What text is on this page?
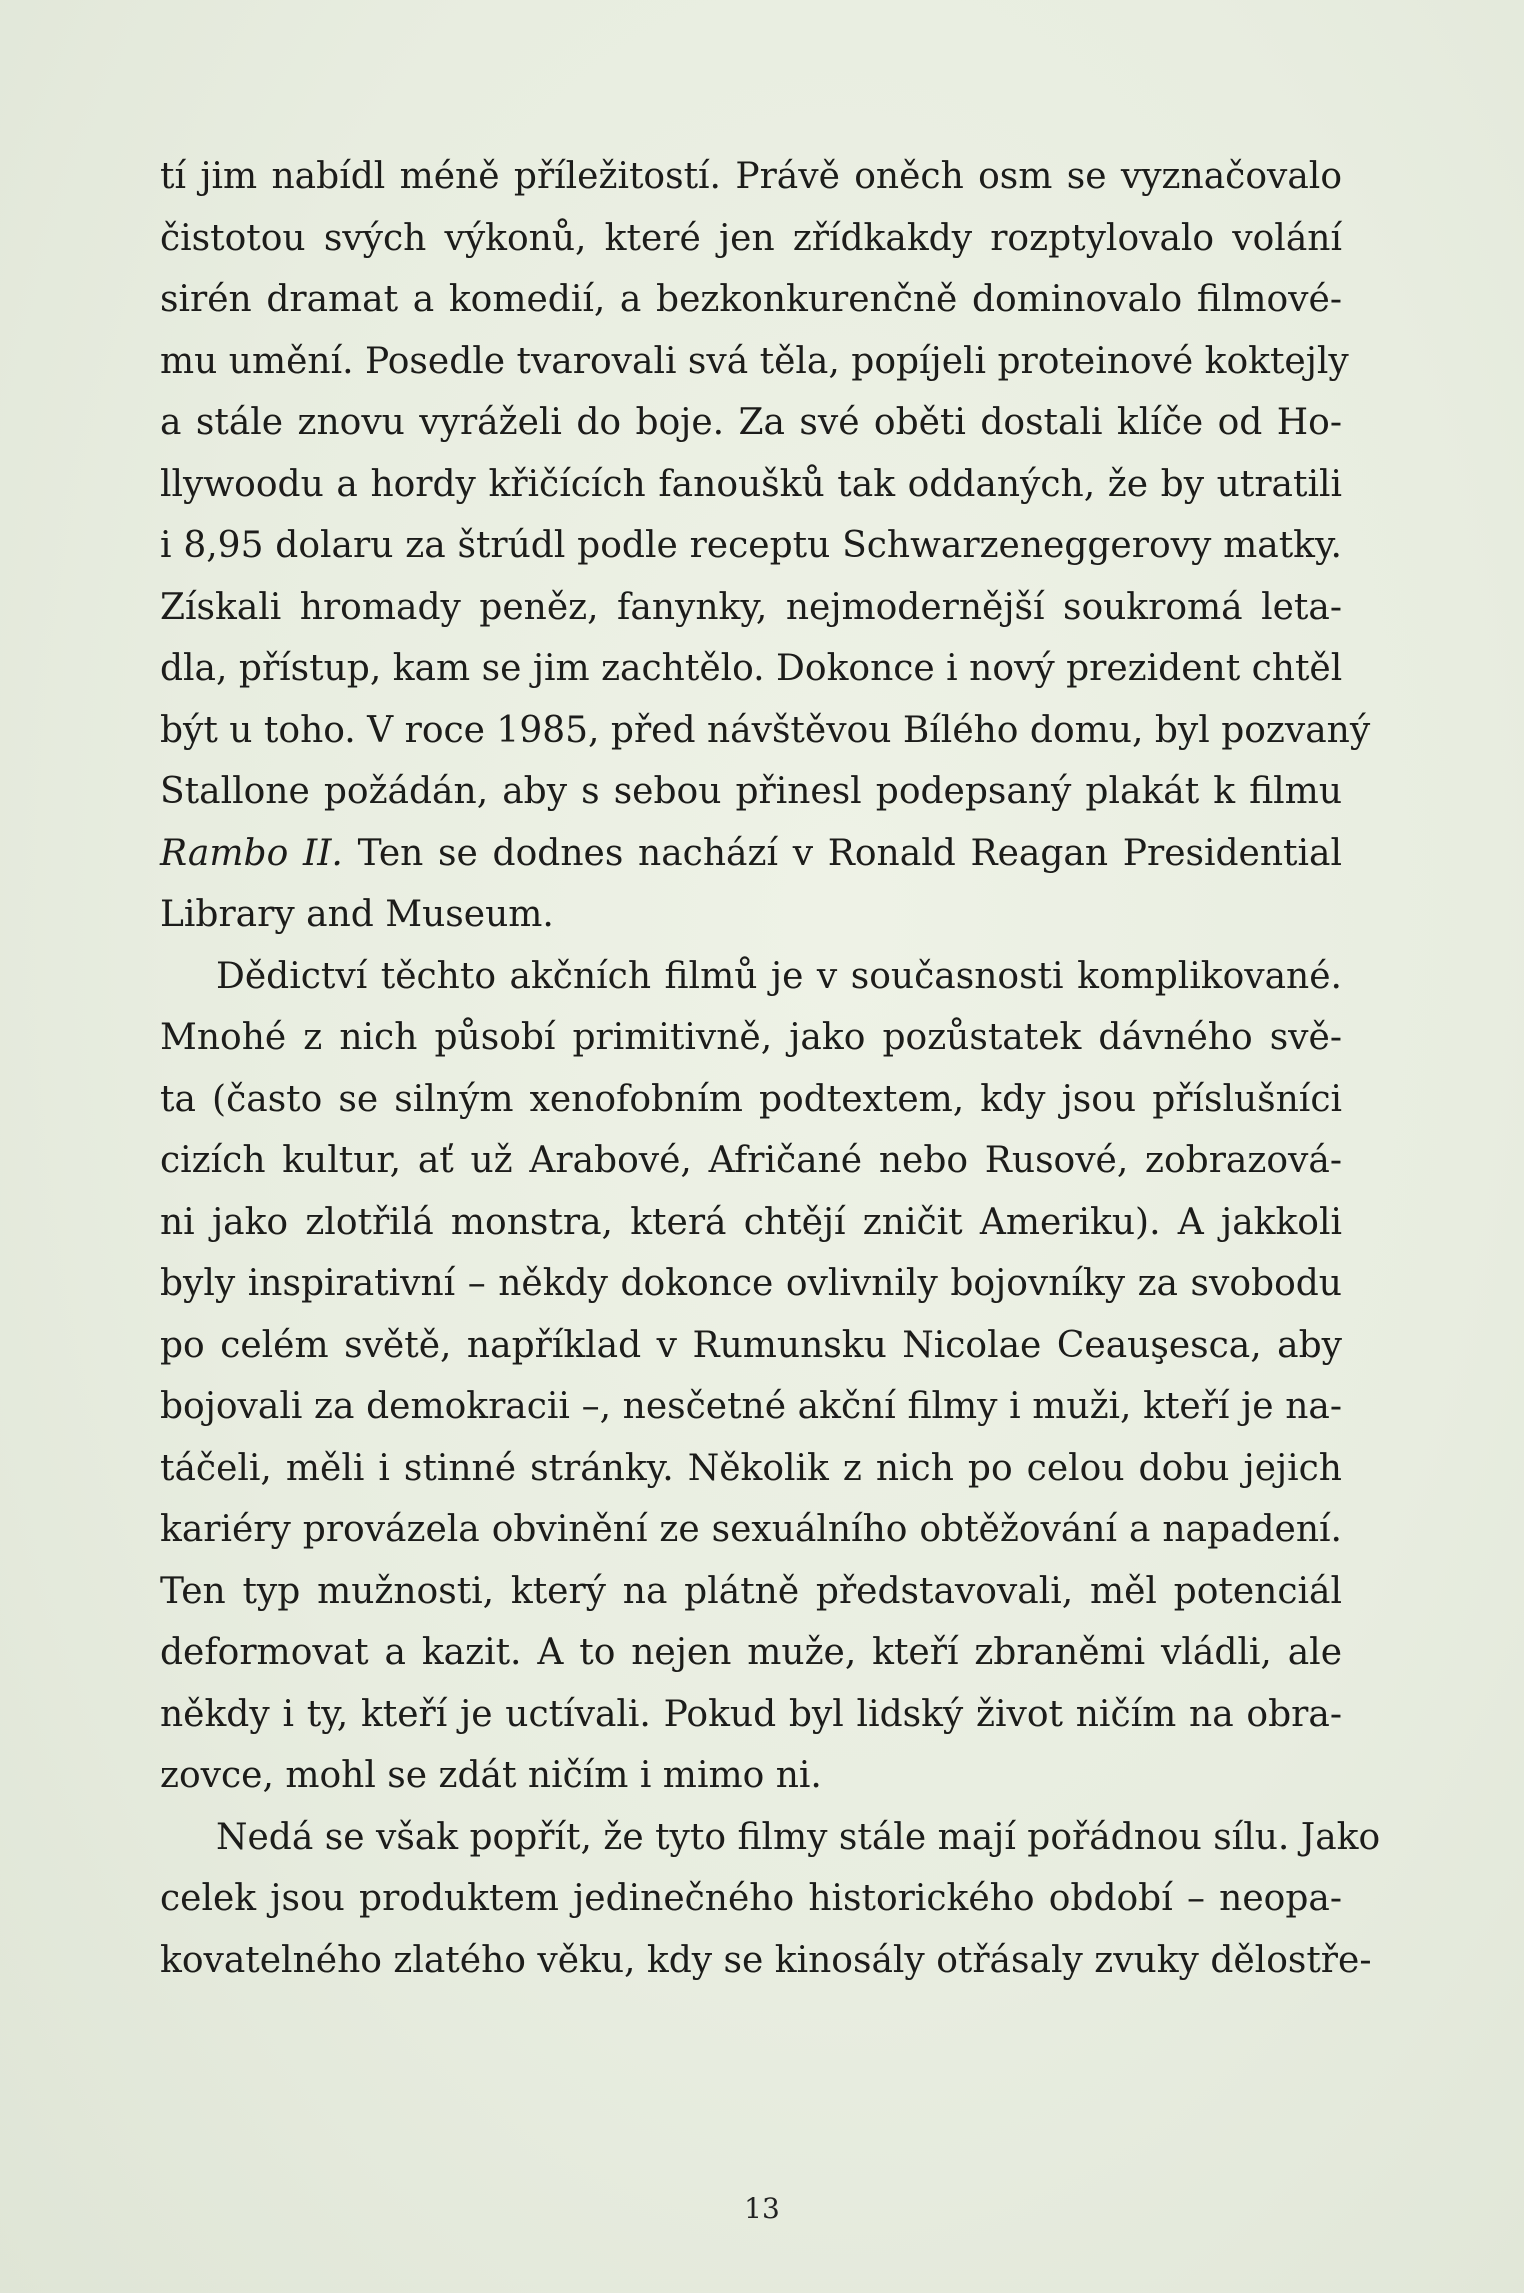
tí jim nabídl méně příležitostí. Právě oněch osm se vyznačovalo
čistotou svých výkonů, které jen zřídkakdy rozptylovalo volání
sirén dramat a komedií, a bezkonkurenčně dominovalo filmové-
mu umění. Posedle tvarovali svá těla, popíjeli proteinové koktejly
a stále znovu vyráželi do boje. Za své oběti dostali klíče od Ho-
llywoodu a hordy křičících fanoušků tak oddaných, že by utratili
i 8,95 dolaru za štrúdl podle receptu Schwarzeneggerovy matky.
Získali hromady peněz, fanynky, nejmodernější soukromá leta-
dla, přístup, kam se jim zachtělo. Dokonce i nový prezident chtěl
být u toho. V roce 1985, před návštěvou Bílého domu, byl pozvaný
Stallone požádán, aby s sebou přinesl podepsaný plakát k filmu
Rambo II. Ten se dodnes nachází v Ronald Reagan Presidential
Library and Museum.
Dědictví těchto akčních filmů je v současnosti komplikované.
Mnohé z nich působí primitivně, jako pozůstatek dávného svě-
ta (často se silným xenofobním podtextem, kdy jsou příslušníci
cizích kultur, ať už Arabové, Afričané nebo Rusové, zobrazová-
ni jako zlotřilá monstra, která chtějí zničit Ameriku). A jakkoli
byly inspirativní – někdy dokonce ovlivnily bojovníky za svobodu
po celém světě, například v Rumunsku Nicolae Ceauşesca, aby
bojovali za demokracii –, nesčetné akční filmy i muži, kteří je na-
táčeli, měli i stinné stránky. Několik z nich po celou dobu jejich
kariéry provázela obvinění ze sexuálního obtěžování a napadení.
Ten typ mužnosti, který na plátně představovali, měl potenciál
deformovat a kazit. A to nejen muže, kteří zbraněmi vládli, ale
někdy i ty, kteří je uctívali. Pokud byl lidský život ničím na obra-
zovce, mohl se zdát ničím i mimo ni.
Nedá se však popřít, že tyto filmy stále mají pořádnou sílu. Jako
celek jsou produktem jedinečného historického období – neopa-
kovatelného zlatého věku, kdy se kinosály otřásaly zvuky dělostře-
13
